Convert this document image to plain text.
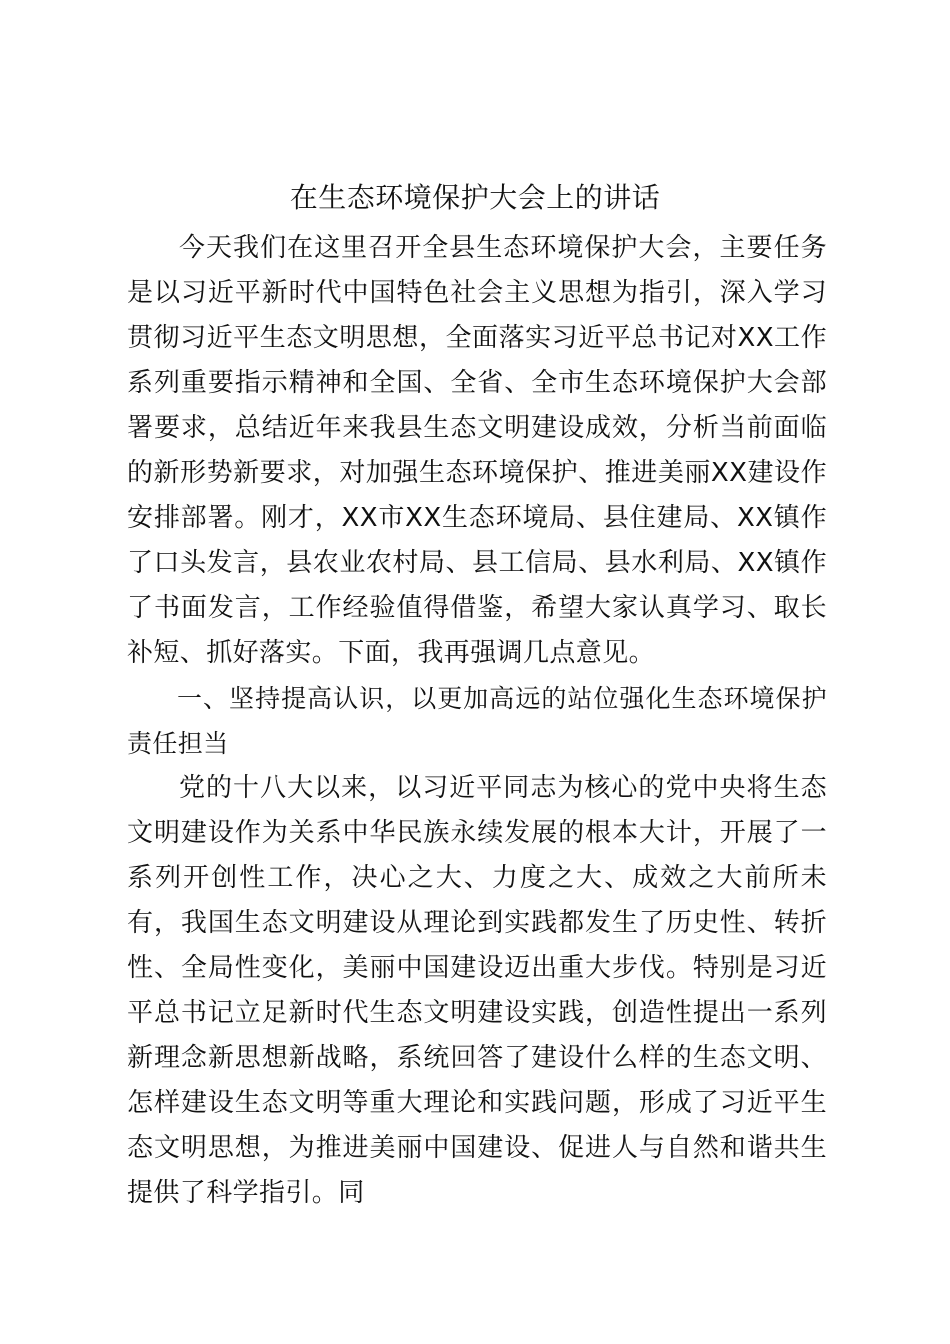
在生态环境保护大会上的讲话

今天我们在这里召开全县生态环境保护大会，主要任务是以习近平新时代中国特色社会主义思想为指引，深入学习贯彻习近平生态文明思想，全面落实习近平总书记对XX工作系列重要指示精神和全国、全省、全市生态环境保护大会部署要求，总结近年来我县生态文明建设成效，分析当前面临的新形势新要求，对加强生态环境保护、推进美丽XX建设作安排部署。刚才，XX市XX生态环境局、县住建局、XX镇作了口头发言，县农业农村局、县工信局、县水利局、XX镇作了书面发言，工作经验值得借鉴，希望大家认真学习、取长补短、抓好落实。下面，我再强调几点意见。

一、坚持提高认识，以更加高远的站位强化生态环境保护责任担当

党的十八大以来，以习近平同志为核心的党中央将生态文明建设作为关系中华民族永续发展的根本大计，开展了一系列开创性工作，决心之大、力度之大、成效之大前所未有，我国生态文明建设从理论到实践都发生了历史性、转折性、全局性变化，美丽中国建设迈出重大步伐。特别是习近平总书记立足新时代生态文明建设实践，创造性提出一系列新理念新思想新战略，系统回答了建设什么样的生态文明、怎样建设生态文明等重大理论和实践问题，形成了习近平生态文明思想，为推进美丽中国建设、促进人与自然和谐共生提供了科学指引。同
